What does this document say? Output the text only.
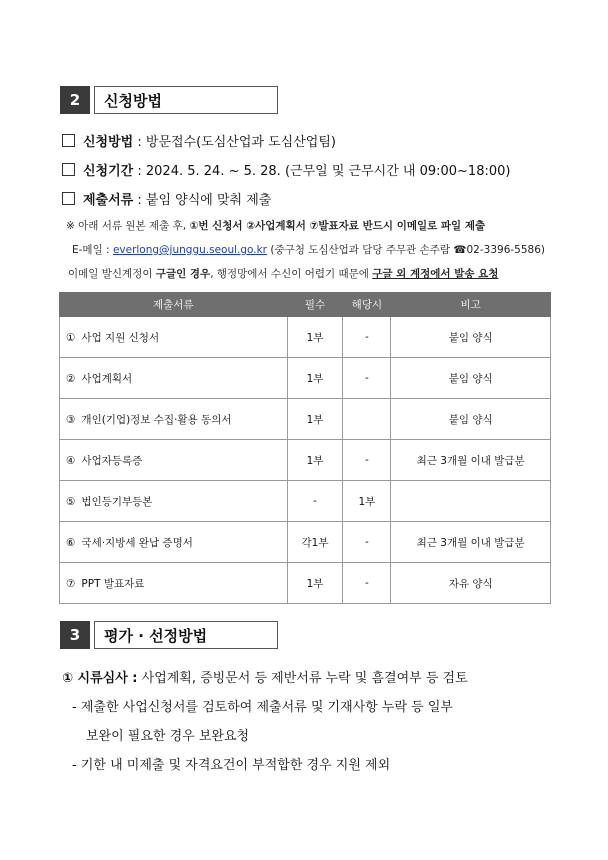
2	신청방법
신청방법 : 방문접수(도심산업과 도심산업팀)
신청기간 : 2024. 5. 24. ~ 5. 28. (근무일 및 근무시간 내 09:00~18:00)
제출서류 : 붙임 양식에 맞춰 제출
※ 아래 서류 원본 제출 후, ①번 신청서 ②사업계획서 ⑦발표자료 반드시 이메일로 파일 제출
E-메일 : everlong@junggu.seoul.go.kr (중구청 도심산업과 담당 주무관 손주람 ☎02-3396-5586)
이메일 발신계정이 구글인 경우, 행정망에서 수신이 어렵기 때문에 구글 외 계정에서 발송 요청
제출서류	필수	해당시	비고
① 사업 지원 신청서	1부	-	붙임 양식
② 사업계획서	1부	-	붙임 양식
③ 개인(기업)정보 수집·활용 동의서	1부		붙임 양식
④ 사업자등록증	1부	-	최근 3개월 이내 발급분
⑤ 법인등기부등본	-	1부	
⑥ 국세·지방세 완납 증명서	각1부	-	최근 3개월 이내 발급분
⑦ PPT 발표자료	1부	-	자유 양식
3	평가 · 선정방법
① 시류심사 : 사업계획, 증빙문서 등 제반서류 누락 및 흠결여부 등 검토
- 제출한 사업신청서를 검토하여 제출서류 및 기재사항 누락 등 일부
보완이 필요한 경우 보완요청
- 기한 내 미제출 및 자격요건이 부적합한 경우 지원 제외
